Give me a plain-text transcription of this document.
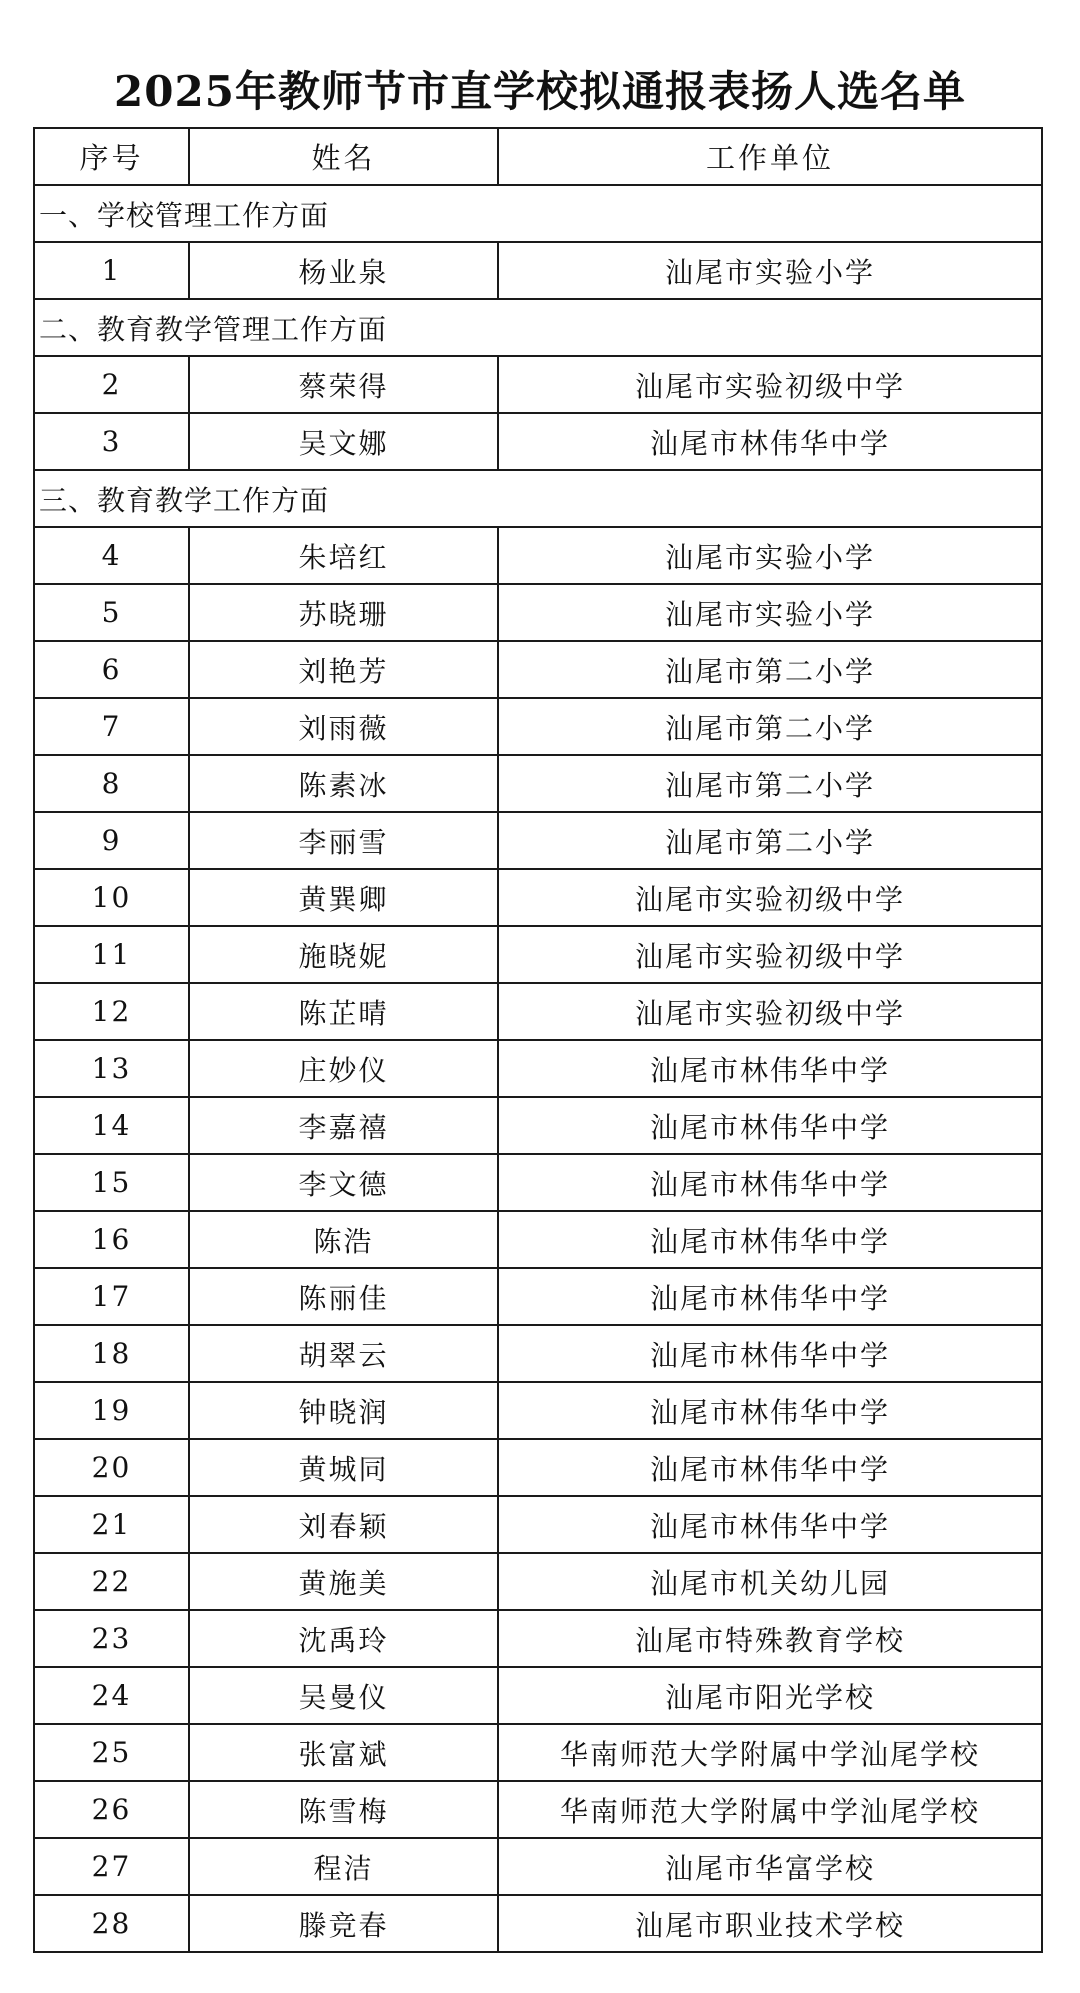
2025年教师节市直学校拟通报表扬人选名单
序号	姓名	工作单位
一、学校管理工作方面		
1	杨业泉	汕尾市实验小学
二、教育教学管理工作方面		
2	蔡荣得	汕尾市实验初级中学
3	吴文娜	汕尾市林伟华中学
三、教育教学工作方面		
4	朱培红	汕尾市实验小学
5	苏晓珊	汕尾市实验小学
6	刘艳芳	汕尾市第二小学
7	刘雨薇	汕尾市第二小学
8	陈素冰	汕尾市第二小学
9	李丽雪	汕尾市第二小学
10	黄巽卿	汕尾市实验初级中学
11	施晓妮	汕尾市实验初级中学
12	陈芷晴	汕尾市实验初级中学
13	庄妙仪	汕尾市林伟华中学
14	李嘉禧	汕尾市林伟华中学
15	李文德	汕尾市林伟华中学
16	陈浩	汕尾市林伟华中学
17	陈丽佳	汕尾市林伟华中学
18	胡翠云	汕尾市林伟华中学
19	钟晓润	汕尾市林伟华中学
20	黄城同	汕尾市林伟华中学
21	刘春颖	汕尾市林伟华中学
22	黄施美	汕尾市机关幼儿园
23	沈禹玲	汕尾市特殊教育学校
24	吴曼仪	汕尾市阳光学校
25	张富斌	华南师范大学附属中学汕尾学校
26	陈雪梅	华南师范大学附属中学汕尾学校
27	程洁	汕尾市华富学校
28	滕竞春	汕尾市职业技术学校
